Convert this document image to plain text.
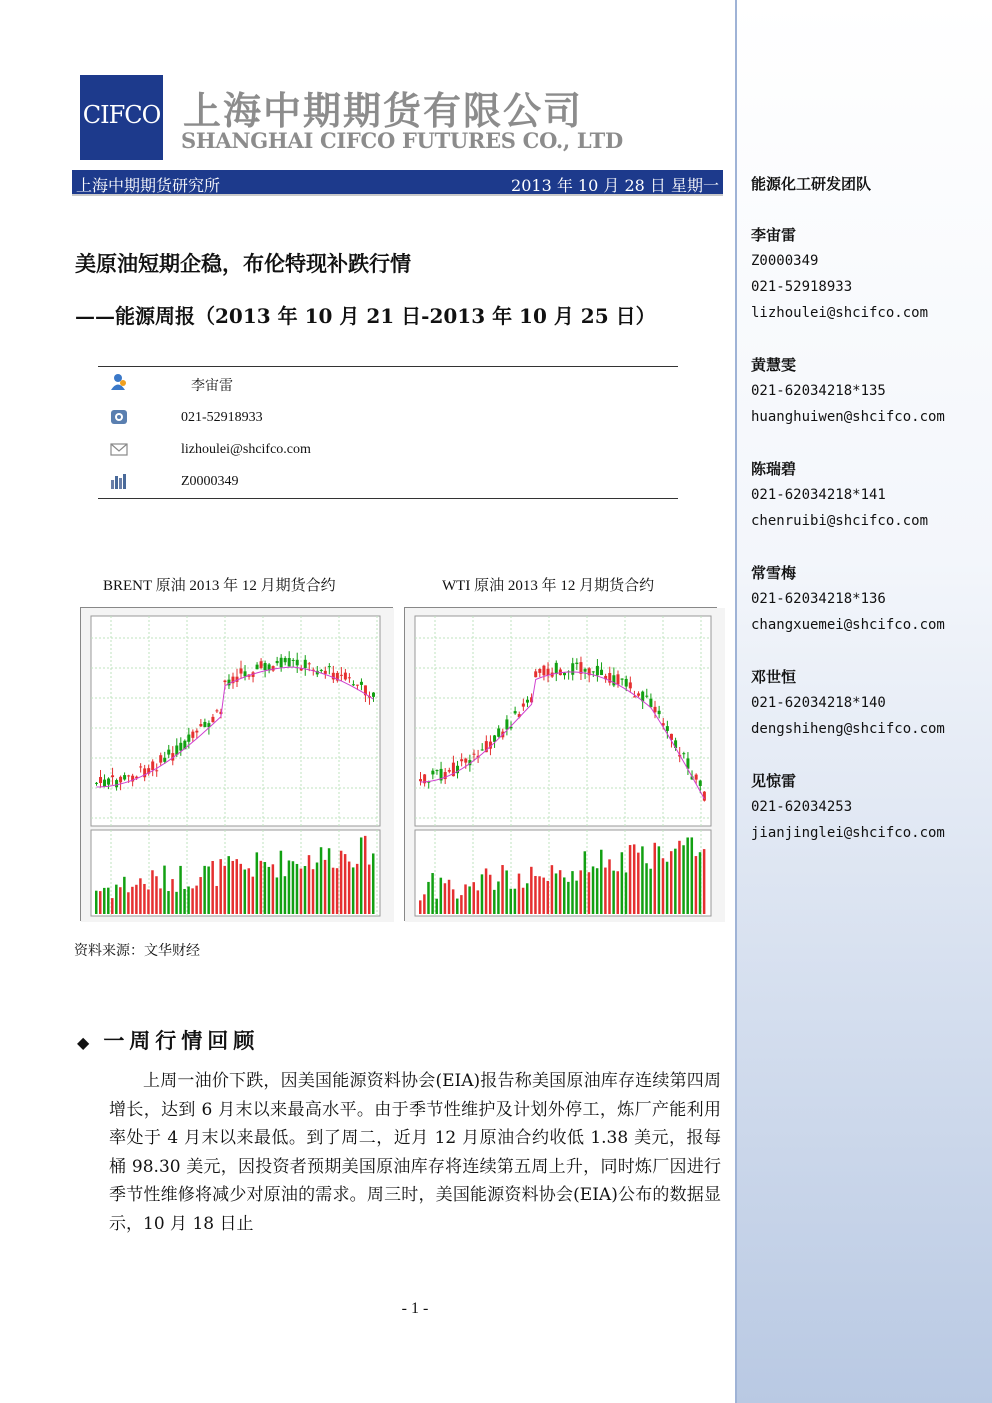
CIFCO 上海中期期货有限公司
SHANGHAI CIFCO FUTURES CO., LTD
上海中期期货研究所	2013 年 10 月 28 日 星期一
美原油短期企稳，布伦特现补跌行情
——能源周报（2013 年 10 月 21 日-2013 年 10 月 25 日）
李宙雷
021-52918933
lizhoulei@shcifco.com
Z0000349
BRENT 原油 2013 年 12 月期货合约	WTI 原油 2013 年 12 月期货合约
资料来源：文华财经
◆ 一周行情回顾

上周一油价下跌，因美国能源资料协会(EIA)报告称美国原油库存连续第四周增长，达到 6 月末以来最高水平。由于季节性维护及计划外停工，炼厂产能利用率处于 4 月末以来最低。到了周二，近月 12 月原油合约收低 1.38 美元，报每桶 98.30 美元，因投资者预期美国原油库存将连续第五周上升，同时炼厂因进行季节性维修将减少对原油的需求。周三时，美国能源资料协会(EIA)公布的数据显示，10 月 18 日止

- 1 -
能源化工研发团队
李宙雷
Z0000349
021-52918933
lizhoulei@shcifco.com
黄慧雯
021-62034218*135
huanghuiwen@shcifco.com
陈瑞碧
021-62034218*141
chenruibi@shcifco.com
常雪梅
021-62034218*136
changxuemei@shcifco.com
邓世恒
021-62034218*140
dengshiheng@shcifco.com
见惊雷
021-62034253
jianjinglei@shcifco.com
